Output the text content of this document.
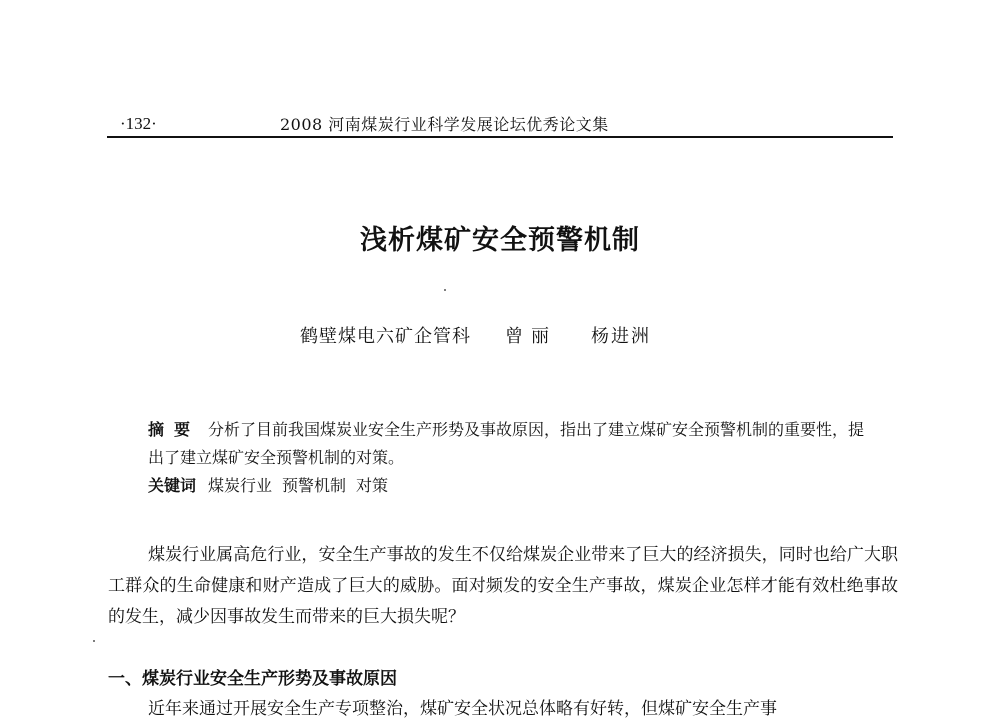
·132·	2008 河南煤炭行业科学发展论坛优秀论文集
浅析煤矿安全预警机制
鹤壁煤电六矿企管科 曾丽 杨进洲
摘要 分析了目前我国煤炭业安全生产形势及事故原因，指出了建立煤矿安全预警机制的重要性，提出了建立煤矿安全预警机制的对策。
关键词 煤炭行业 预警机制 对策

煤炭行业属高危行业，安全生产事故的发生不仅给煤炭企业带来了巨大的经济损失，同时也给广大职工群众的生命健康和财产造成了巨大的威胁。面对频发的安全生产事故，煤炭企业怎样才能有效杜绝事故的发生，减少因事故发生而带来的巨大损失呢？

一、煤炭行业安全生产形势及事故原因

近年来通过开展安全生产专项整治，煤矿安全状况总体略有好转，但煤矿安全生产事
